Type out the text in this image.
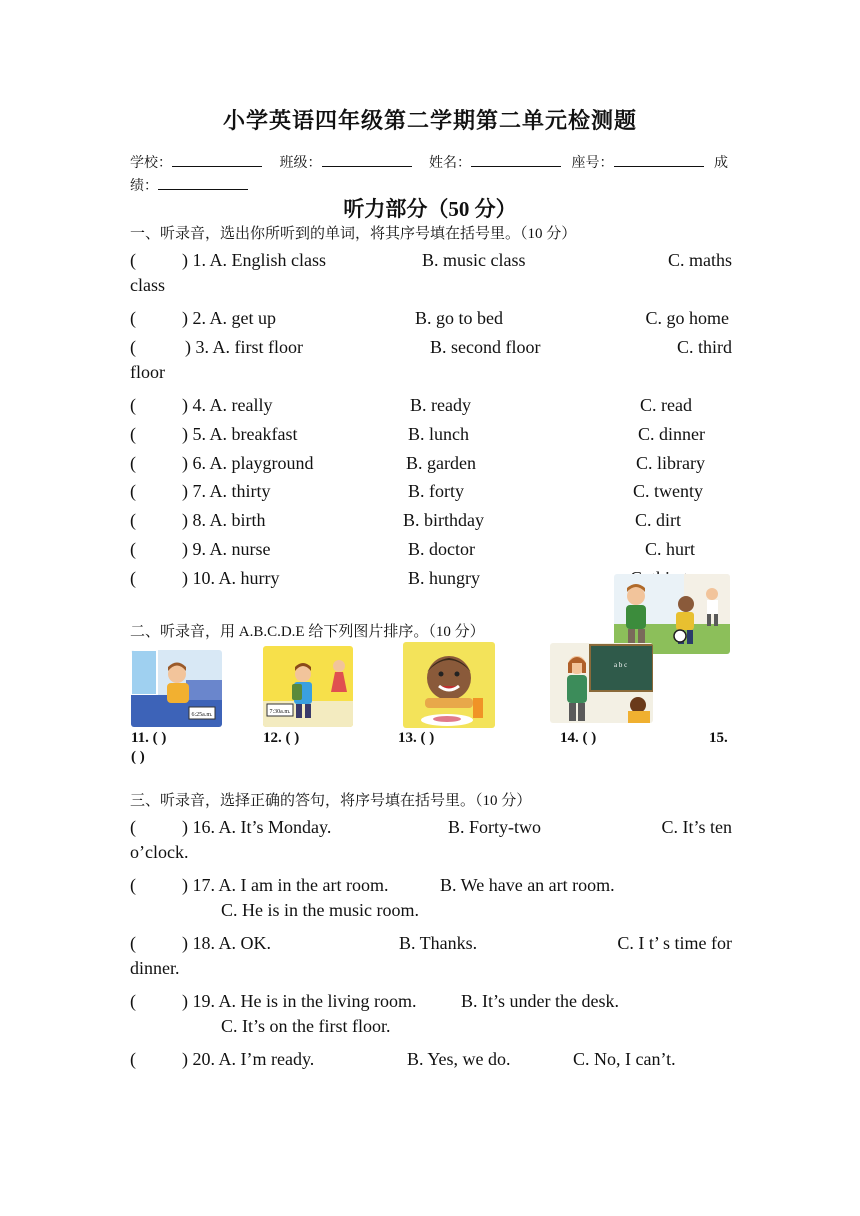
小学英语四年级第二学期第二单元检测题
学校：	班级：	姓名：	座号：	成
绩：
听力部分（50 分）
一、听录音，选出你所听到的单词，将其序号填在括号里。（10 分）
(	) 1. A. English class	B. music class	C. maths
class
(	) 2. A. get up	B. go to bed	C. go home
(	) 3. A. first floor	B. second floor	C. third
floor
(	) 4. A. really	B. ready	C. read
(	) 5. A. breakfast	B. lunch	C. dinner
(	) 6. A. playground	B. garden	C. library
(	) 7. A. thirty	B. forty	C. twenty
(	) 8. A. birth	B. birthday	C. dirt
(	) 9. A. nurse	B. doctor	C. hurt
(	) 10. A. hurry	B. hungry
二、听录音，用 A.B.C.D.E 给下列图片排序。（10 分）
6:25a.m.	7:30a.m.
a b c
11. ( )	12. ( )	13. ( )	14. ( )	15.
( )
三、听录音，选择正确的答句，将序号填在括号里。（10 分）
(	) 16. A. It’s Monday.	B. Forty-two	C. It’s ten
o’clock.
(	) 17. A. I am in the art room.	B. We have an art room.
C. He is in the music room.
(	) 18. A. OK.	B. Thanks.	C. I t’ s time for
dinner.
(	) 19. A. He is in the living room. B. It’s under the desk.
C. It’s on the first floor.
(	) 20. A. I’m ready.	B. Yes, we do.	C. No, I can’t.
